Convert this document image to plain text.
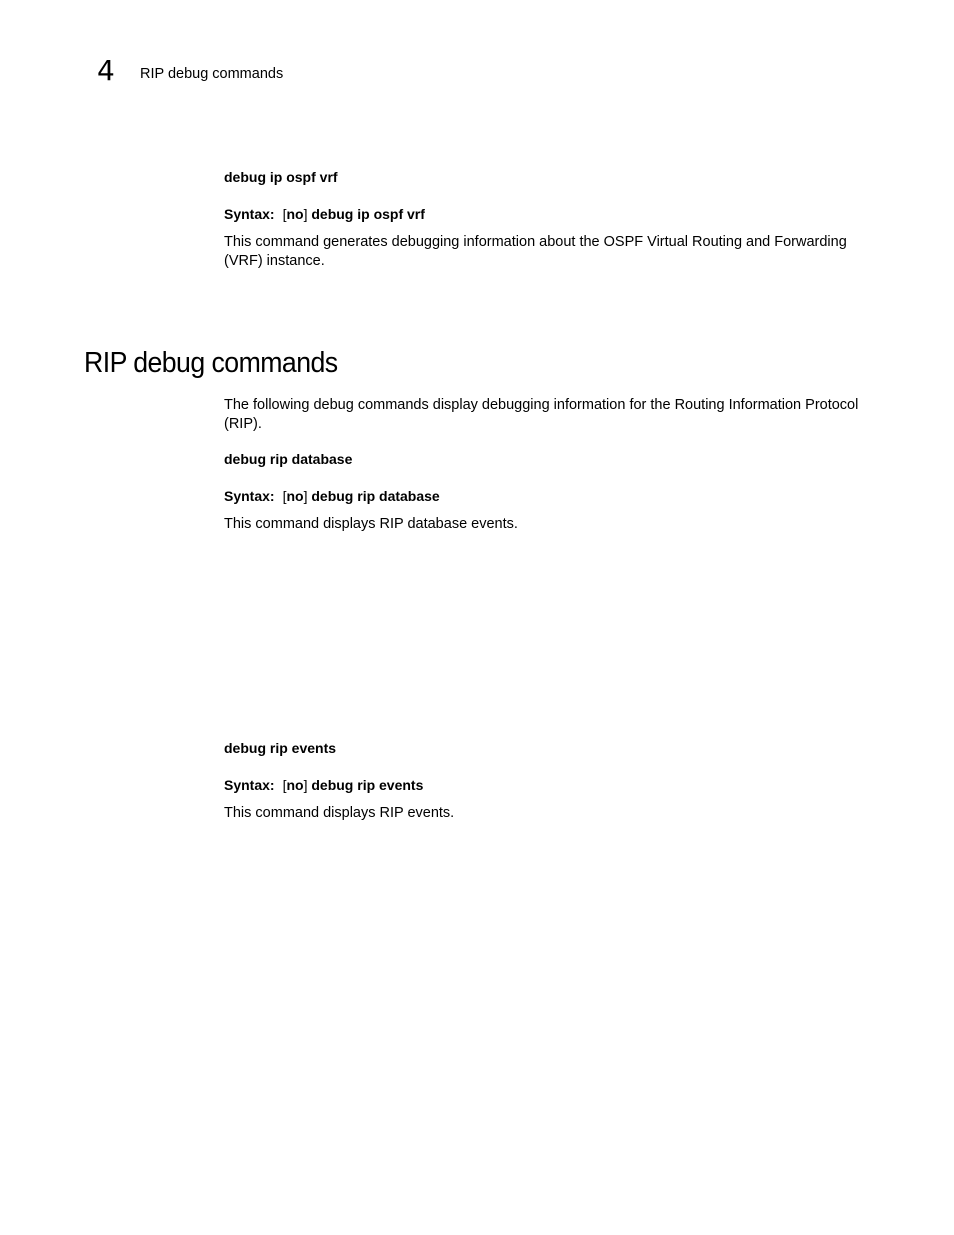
4 RIP debug commands
debug ip ospf vrf
Syntax: [no] debug ip ospf vrf
This command generates debugging information about the OSPF Virtual Routing and Forwarding (VRF) instance.
RIP debug commands
The following debug commands display debugging information for the Routing Information Protocol (RIP).
debug rip database
Syntax: [no] debug rip database
This command displays RIP database events.
debug rip events
Syntax: [no] debug rip events
This command displays RIP events.
